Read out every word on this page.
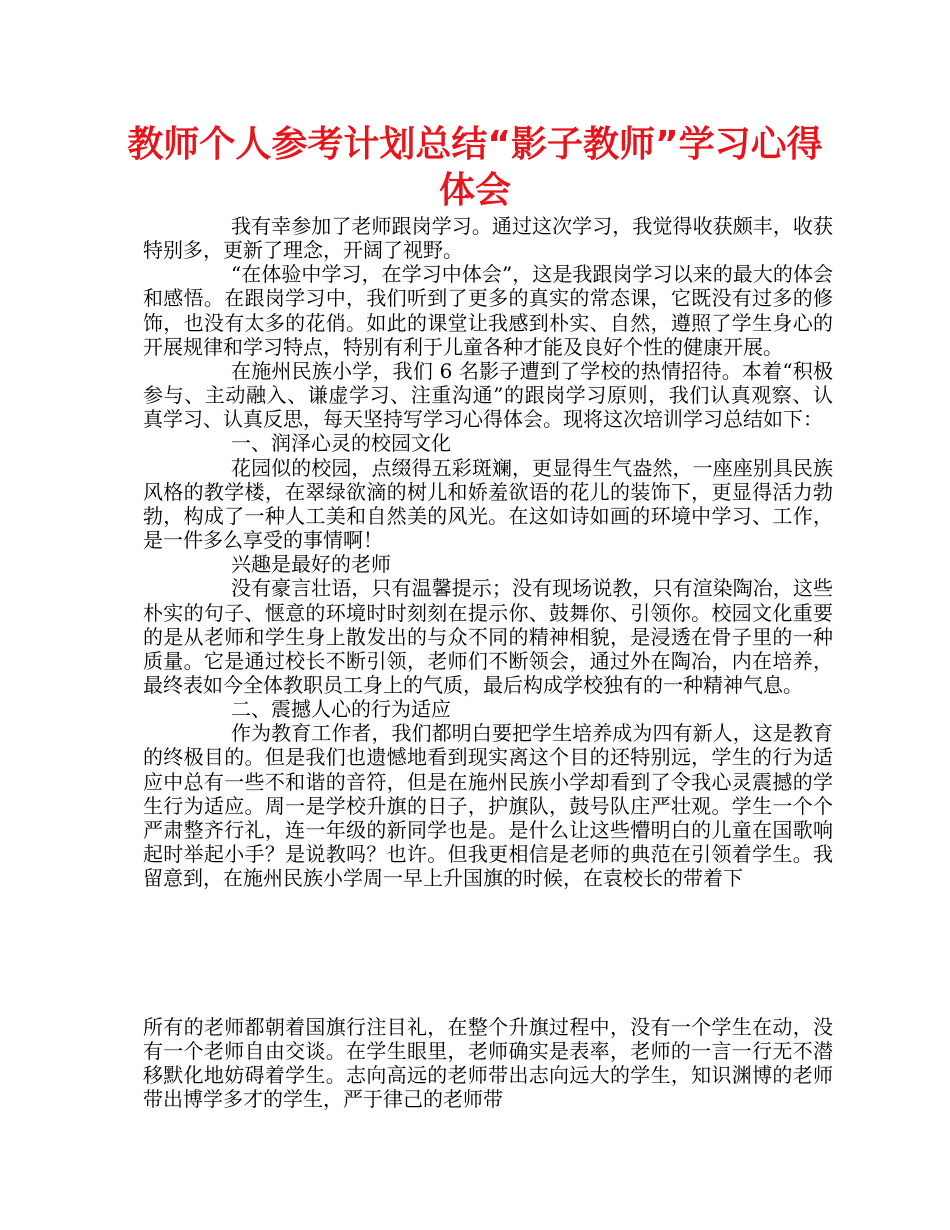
教师个人参考计划总结“影子教师”学习心得体会

我有幸参加了老师跟岗学习。通过这次学习，我觉得收获颇丰，收获特别多，更新了理念，开阔了视野。

“在体验中学习，在学习中体会”，这是我跟岗学习以来的最大的体会和感悟。在跟岗学习中，我们听到了更多的真实的常态课，它既没有过多的修饰，也没有太多的花俏。如此的课堂让我感到朴实、自然，遵照了学生身心的开展规律和学习特点，特别有利于儿童各种才能及良好个性的健康开展。

在施州民族小学，我们 6 名影子遭到了学校的热情招待。本着“积极参与、主动融入、谦虚学习、注重沟通”的跟岗学习原则，我们认真观察、认真学习、认真反思，每天坚持写学习心得体会。现将这次培训学习总结如下：

一、润泽心灵的校园文化

花园似的校园，点缀得五彩斑斓，更显得生气盎然，一座座别具民族风格的教学楼，在翠绿欲滴的树儿和娇羞欲语的花儿的装饰下，更显得活力勃勃，构成了一种人工美和自然美的风光。在这如诗如画的环境中学习、工作，是一件多么享受的事情啊！

兴趣是最好的老师

没有豪言壮语，只有温馨提示；没有现场说教，只有渲染陶冶，这些朴实的句子、惬意的环境时时刻刻在提示你、鼓舞你、引领你。校园文化重要的是从老师和学生身上散发出的与众不同的精神相貌，是浸透在骨子里的一种质量。它是通过校长不断引领，老师们不断领会，通过外在陶冶，内在培养，最终表如今全体教职员工身上的气质，最后构成学校独有的一种精神气息。

二、震撼人心的行为适应

作为教育工作者，我们都明白要把学生培养成为四有新人，这是教育的终极目的。但是我们也遗憾地看到现实离这个目的还特别远，学生的行为适应中总有一些不和谐的音符，但是在施州民族小学却看到了令我心灵震撼的学生行为适应。周一是学校升旗的日子，护旗队，鼓号队庄严壮观。学生一个个严肃整齐行礼，连一年级的新同学也是。是什么让这些懵明白的儿童在国歌响起时举起小手？是说教吗？也许。但我更相信是老师的典范在引领着学生。我留意到，在施州民族小学周一早上升国旗的时候，在袁校长的带着下

所有的老师都朝着国旗行注目礼，在整个升旗过程中，没有一个学生在动，没有一个老师自由交谈。在学生眼里，老师确实是表率，老师的一言一行无不潜移默化地妨碍着学生。志向高远的老师带出志向远大的学生，知识渊博的老师带出博学多才的学生，严于律己的老师带
